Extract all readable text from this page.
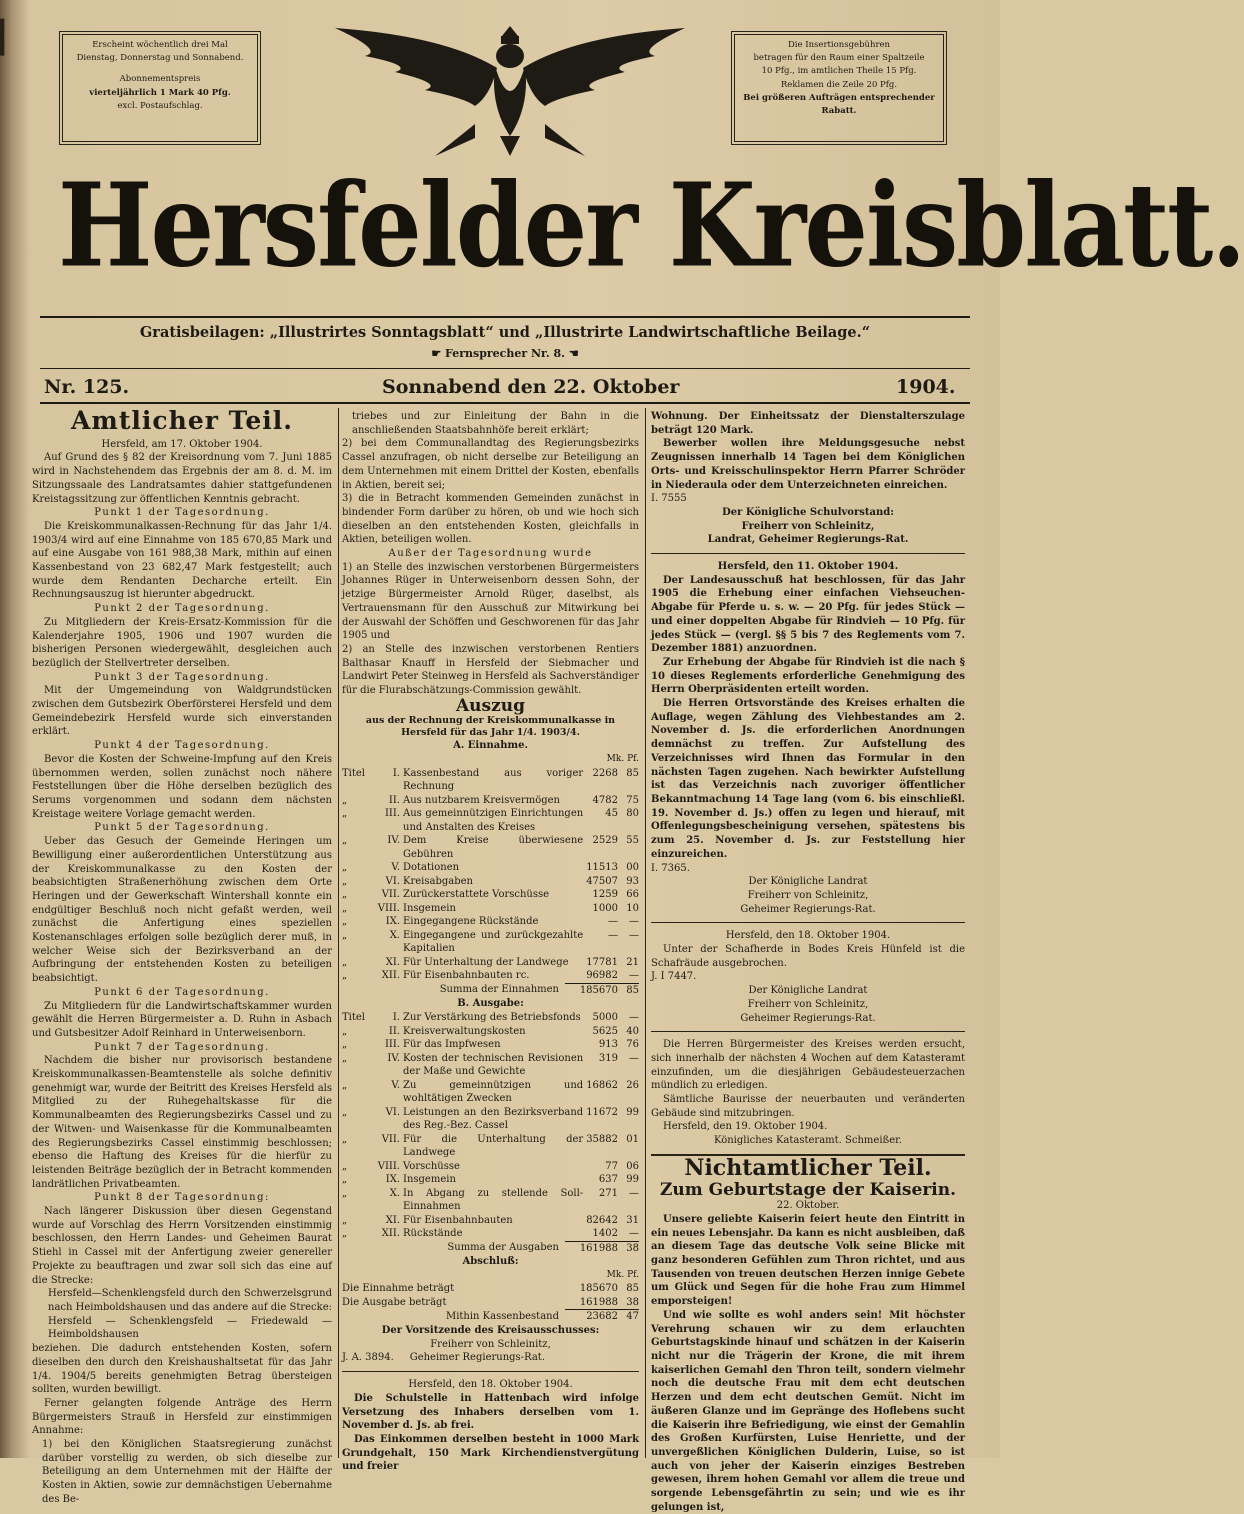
▌
▌
▌	Erscheint wöchentlich drei Mal
Dienstag, Donnerstag und Sonnabend.
Abonnementspreis
vierteljährlich 1 Mark 40 Pfg.
excl. Postaufschlag.
Die Insertionsgebühren
betragen für den Raum einer Spaltzeile
10 Pfg., im amtlichen Theile 15 Pfg.
Reklamen die Zeile 20 Pfg.
Bei größeren Aufträgen entsprechender
Rabatt.
Hersfelder Kreisblatt.
Gratisbeilagen: „Illustrirtes Sonntagsblatt“ und „Illustrirte Landwirtschaftliche Beilage.“
☛ Fernsprecher Nr. 8. ☚
Nr. 125.	Sonnabend den 22. Oktober	1904.
Amtlicher Teil.

Hersfeld, am 17. Oktober 1904.

Auf Grund des § 82 der Kreisordnung vom 7. Juni 1885 wird in Nachstehendem das Ergebnis der am 8. d. M. im Sitzungssaale des Landratsamtes dahier stattgefundenen Kreistagssitzung zur öffentlichen Kenntnis gebracht.

Punkt 1 der Tagesordnung.

Die Kreiskommunalkassen-Rechnung für das Jahr 1/4. 1903/4 wird auf eine Einnahme von 185 670,85 Mark und auf eine Ausgabe von 161 988,38 Mark, mithin auf einen Kassenbestand von 23 682,47 Mark festgestellt; auch wurde dem Rendanten Decharche erteilt. Ein Rechnungsauszug ist hierunter abgedruckt.

Punkt 2 der Tagesordnung.

Zu Mitgliedern der Kreis-Ersatz-Kommission für die Kalenderjahre 1905, 1906 und 1907 wurden die bisherigen Personen wiedergewählt, desgleichen auch bezüglich der Stellvertreter derselben.

Punkt 3 der Tagesordnung.

Mit der Umgemeindung von Waldgrundstücken zwischen dem Gutsbezirk Oberförsterei Hersfeld und dem Gemeindebezirk Hersfeld wurde sich einverstanden erklärt.

Punkt 4 der Tagesordnung.

Bevor die Kosten der Schweine-Impfung auf den Kreis übernommen werden, sollen zunächst noch nähere Feststellungen über die Höhe derselben bezüglich des Serums vorgenommen und sodann dem nächsten Kreistage weitere Vorlage gemacht werden.

Punkt 5 der Tagesordnung.

Ueber das Gesuch der Gemeinde Heringen um Bewilligung einer außerordentlichen Unterstützung aus der Kreiskommunalkasse zu den Kosten der beabsichtigten Straßenerhöhung zwischen dem Orte Heringen und der Gewerkschaft Wintershall konnte ein endgültiger Beschluß noch nicht gefaßt werden, weil zunächst die Anfertigung eines speziellen Kostenanschlages erfolgen solle bezüglich derer muß, in welcher Weise sich der Bezirksverband an der Aufbringung der entstehenden Kosten zu beteiligen beabsichtigt.

Punkt 6 der Tagesordnung.

Zu Mitgliedern für die Landwirtschaftskammer wurden gewählt die Herren Bürgermeister a. D. Ruhn in Asbach und Gutsbesitzer Adolf Reinhard in Unterweisenborn.

Punkt 7 der Tagesordnung.

Nachdem die bisher nur provisorisch bestandene Kreiskommunalkassen-Beamtenstelle als solche definitiv genehmigt war, wurde der Beitritt des Kreises Hersfeld als Mitglied zu der Ruhegehaltskasse für die Kommunalbeamten des Regierungsbezirks Cassel und zu der Witwen- und Waisenkasse für die Kommunalbeamten des Regierungsbezirks Cassel einstimmig beschlossen; ebenso die Haftung des Kreises für die hierfür zu leistenden Beiträge bezüglich der in Betracht kommenden landrätlichen Privatbeamten.

Punkt 8 der Tagesordnung:

Nach längerer Diskussion über diesen Gegenstand wurde auf Vorschlag des Herrn Vorsitzenden einstimmig beschlossen, den Herrn Landes- und Geheimen Baurat Stiehl in Cassel mit der Anfertigung zweier genereller Projekte zu beauftragen und zwar soll sich das eine auf die Strecke:

Hersfeld—Schenklengsfeld durch den Schwerzelsgrund nach Heimboldshausen und das andere auf die Strecke: Hersfeld — Schenklengsfeld — Friedewald — Heimboldshausen

beziehen. Die dadurch entstehenden Kosten, sofern dieselben den durch den Kreishaushaltsetat für das Jahr 1/4. 1904/5 bereits genehmigten Betrag übersteigen sollten, wurden bewilligt.

Ferner gelangten folgende Anträge des Herrn Bürgermeisters Strauß in Hersfeld zur einstimmigen Annahme:

1) bei den Königlichen Staatsregierung zunächst darüber vorstellig zu werden, ob sich dieselbe zur Beteiligung an dem Unternehmen mit der Hälfte der Kosten in Aktien, sowie zur demnächstigen Uebernahme des Be-

triebes und zur Einleitung der Bahn in die anschließenden Staatsbahnhöfe bereit erklärt;

2) bei dem Communallandtag des Regierungsbezirks Cassel anzufragen, ob nicht derselbe zur Beteiligung an dem Unternehmen mit einem Drittel der Kosten, ebenfalls in Aktien, bereit sei;

3) die in Betracht kommenden Gemeinden zunächst in bindender Form darüber zu hören, ob und wie hoch sich dieselben an den entstehenden Kosten, gleichfalls in Aktien, beteiligen wollen.

Außer der Tagesordnung wurde

1) an Stelle des inzwischen verstorbenen Bürgermeisters Johannes Rüger in Unterweisenborn dessen Sohn, der jetzige Bürgermeister Arnold Rüger, daselbst, als Vertrauensmann für den Ausschuß zur Mitwirkung bei der Auswahl der Schöffen und Geschworenen für das Jahr 1905 und

2) an Stelle des inzwischen verstorbenen Rentiers Balthasar Knauff in Hersfeld der Siebmacher und Landwirt Peter Steinweg in Hersfeld als Sachverständiger für die Flurabschätzungs-Commission gewählt.

Auszug

aus der Rechnung der Kreiskommunalkasse in Hersfeld für das Jahr 1/4. 1903/4.

A. Einnahme.

Mk. Pf.

Titel	I.	Kassenbestand aus voriger Rechnung	2268	85
„	II.	Aus nutzbarem Kreisvermögen	4782	75
„	III.	Aus gemeinnützigen Einrichtungen und Anstalten des Kreises	45	80
„	IV.	Dem Kreise überwiesene Gebühren	2529	55
„	V.	Dotationen	11513	00
„	VI.	Kreisabgaben	47507	93
„	VII.	Zurückerstattete Vorschüsse	1259	66
„	VIII.	Insgemein	1000	10
„	IX.	Eingegangene Rückstände	—	—
„	X.	Eingegangene und zurückgezahlte Kapitalien	—	—
„	XI.	Für Unterhaltung der Landwege	17781	21
„	XII.	Für Eisenbahnbauten rc.	96982	—
Summa der Einnahmen	185670	85

B. Ausgabe:

Titel	I.	Zur Verstärkung des Betriebsfonds	5000	—
„	II.	Kreisverwaltungskosten	5625	40
„	III.	Für das Impfwesen	913	76
„	IV.	Kosten der technischen Revisionen der Maße und Gewichte	319	—
„	V.	Zu gemeinnützigen und wohltätigen Zwecken	16862	26
„	VI.	Leistungen an den Bezirksverband des Reg.-Bez. Cassel	11672	99
„	VII.	Für die Unterhaltung der Landwege	35882	01
„	VIII.	Vorschüsse	77	06
„	IX.	Insgemein	637	99
„	X.	In Abgang zu stellende Soll-Einnahmen	271	—
„	XI.	Für Eisenbahnbauten	82642	31
„	XII.	Rückstände	1402	—
Summa der Ausgaben	161988	38

Abschluß:

Mk. Pf.

Die Einnahme beträgt	185670	85
Die Ausgabe beträgt	161988	38
Mithin Kassenbestand	23682	47

Der Vorsitzende des Kreisausschusses:

Freiherr von Schleinitz,

J. A. 3894. Geheimer Regierungs-Rat.

Hersfeld, den 18. Oktober 1904.

Die Schulstelle in Hattenbach wird infolge Versetzung des Inhabers derselben vom 1. November d. Js. ab frei.

Das Einkommen derselben besteht in 1000 Mark Grundgehalt, 150 Mark Kirchendienstvergütung und freier

Wohnung. Der Einheitssatz der Dienstalterszulage beträgt 120 Mark.

Bewerber wollen ihre Meldungsgesuche nebst Zeugnissen innerhalb 14 Tagen bei dem Königlichen Orts- und Kreisschulinspektor Herrn Pfarrer Schröder in Niederaula oder dem Unterzeichneten einreichen.

I. 7555

Der Königliche Schulvorstand:

Freiherr von Schleinitz,

Landrat, Geheimer Regierungs-Rat.

Hersfeld, den 11. Oktober 1904.

Der Landesausschuß hat beschlossen, für das Jahr 1905 die Erhebung einer einfachen Viehseuchen-Abgabe für Pferde u. s. w. — 20 Pfg. für jedes Stück — und einer doppelten Abgabe für Rindvieh — 10 Pfg. für jedes Stück — (vergl. §§ 5 bis 7 des Reglements vom 7. Dezember 1881) anzuordnen.

Zur Erhebung der Abgabe für Rindvieh ist die nach § 10 dieses Reglements erforderliche Genehmigung des Herrn Oberpräsidenten erteilt worden.

Die Herren Ortsvorstände des Kreises erhalten die Auflage, wegen Zählung des Viehbestandes am 2. November d. Js. die erforderlichen Anordnungen demnächst zu treffen. Zur Aufstellung des Verzeichnisses wird Ihnen das Formular in den nächsten Tagen zugehen. Nach bewirkter Aufstellung ist das Verzeichnis nach zuvoriger öffentlicher Bekanntmachung 14 Tage lang (vom 6. bis einschließl. 19. November d. Js.) offen zu legen und hierauf, mit Offenlegungsbescheinigung versehen, spätestens bis zum 25. November d. Js. zur Feststellung hier einzureichen.

I. 7365.

Der Königliche Landrat

Freiherr von Schleinitz,

Geheimer Regierungs-Rat.

Hersfeld, den 18. Oktober 1904.

Unter der Schafherde in Bodes Kreis Hünfeld ist die Schafräude ausgebrochen.

J. I 7447.

Der Königliche Landrat

Freiherr von Schleinitz,

Geheimer Regierungs-Rat.

Die Herren Bürgermeister des Kreises werden ersucht, sich innerhalb der nächsten 4 Wochen auf dem Katasteramt einzufinden, um die diesjährigen Gebäudesteuerzachen mündlich zu erledigen.

Sämtliche Baurisse der neuerbauten und veränderten Gebäude sind mitzubringen.

Hersfeld, den 19. Oktober 1904.

Königliches Katasteramt. Schmeißer.

Nichtamtlicher Teil.
Zum Geburtstage der Kaiserin.

22. Oktober.

Unsere geliebte Kaiserin feiert heute den Eintritt in ein neues Lebensjahr. Da kann es nicht ausbleiben, daß an diesem Tage das deutsche Volk seine Blicke mit ganz besonderen Gefühlen zum Thron richtet, und aus Tausenden von treuen deutschen Herzen innige Gebete um Glück und Segen für die hohe Frau zum Himmel emporsteigen!

Und wie sollte es wohl anders sein! Mit höchster Verehrung schauen wir zu dem erlauchten Geburtstagskinde hinauf und schätzen in der Kaiserin nicht nur die Trägerin der Krone, die mit ihrem kaiserlichen Gemahl den Thron teilt, sondern vielmehr noch die deutsche Frau mit dem echt deutschen Herzen und dem echt deutschen Gemüt. Nicht im äußeren Glanze und im Gepränge des Hoflebens sucht die Kaiserin ihre Befriedigung, wie einst der Gemahlin des Großen Kurfürsten, Luise Henriette, und der unvergeßlichen Königlichen Dulderin, Luise, so ist auch von jeher der Kaiserin einziges Bestreben gewesen, ihrem hohen Gemahl vor allem die treue und sorgende Lebensgefährtin zu sein; und wie es ihr gelungen ist,
